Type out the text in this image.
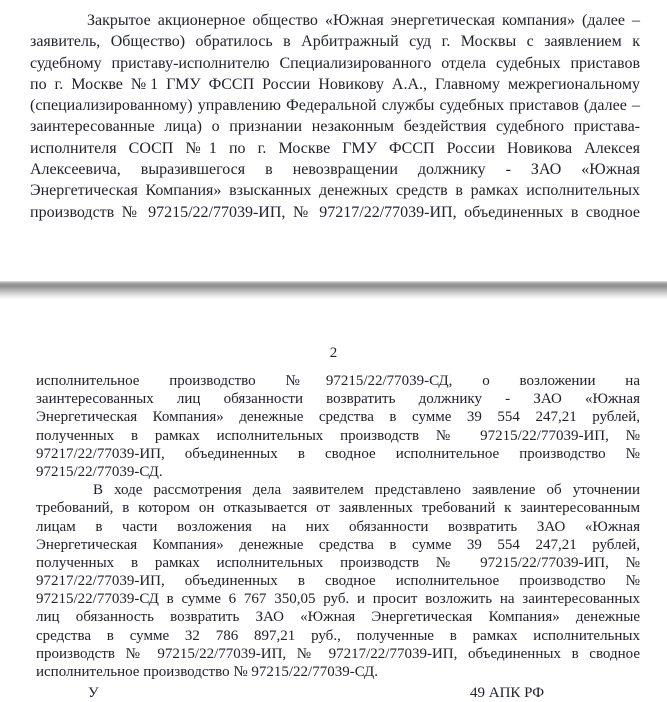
Закрытое акционерное общество «Южная энергетическая компания» (далее –
заявитель, Общество) обратилось в Арбитражный суд г. Москвы с заявлением к
судебному приставу-исполнителю Специализированного отдела судебных приставов
по г. Москве №1 ГМУ ФССП России Новикову А.А., Главному межрегиональному
(специализированному) управлению Федеральной службы судебных приставов (далее –
заинтересованные лица) о признании незаконным бездействия судебного пристава-
исполнителя СОСП №1 по г. Москве ГМУ ФССП России Новикова Алексея
Алексеевича, выразившегося в невозвращении должнику - ЗАО «Южная
Энергетическая Компания» взысканных денежных средств в рамках исполнительных
производств № 97215/22/77039-ИП, № 97217/22/77039-ИП, объединенных в сводное
2
исполнительное производство №97215/22/77039-СД, о возложении на
заинтересованных лиц обязанности возвратить должнику - ЗАО «Южная
Энергетическая Компания» денежные средства в сумме 39 554 247,21 рублей,
полученных в рамках исполнительных производств № 97215/22/77039-ИП, №
97217/22/77039-ИП, объединенных в сводное исполнительное производство №
97215/22/77039-СД.
В ходе рассмотрения дела заявителем представлено заявление об уточнении
требований, в котором он отказывается от заявленных требований к заинтересованным
лицам в части возложения на них обязанности возвратить ЗАО «Южная
Энергетическая Компания» денежные средства в сумме 39 554 247,21 рублей,
полученных в рамках исполнительных производств № 97215/22/77039-ИП, №
97217/22/77039-ИП, объединенных в сводное исполнительное производство №
97215/22/77039-СД в сумме 6 767 350,05 руб. и просит возложить на заинтересованных
лиц обязанность возвратить ЗАО «Южная Энергетическая Компания» денежные
средства в сумме 32 786 897,21 руб., полученные в рамках исполнительных
производств № 97215/22/77039-ИП, № 97217/22/77039-ИП, объединенных в сводное
исполнительное производство № 97215/22/77039-СД.
У	49 АПК РФ
